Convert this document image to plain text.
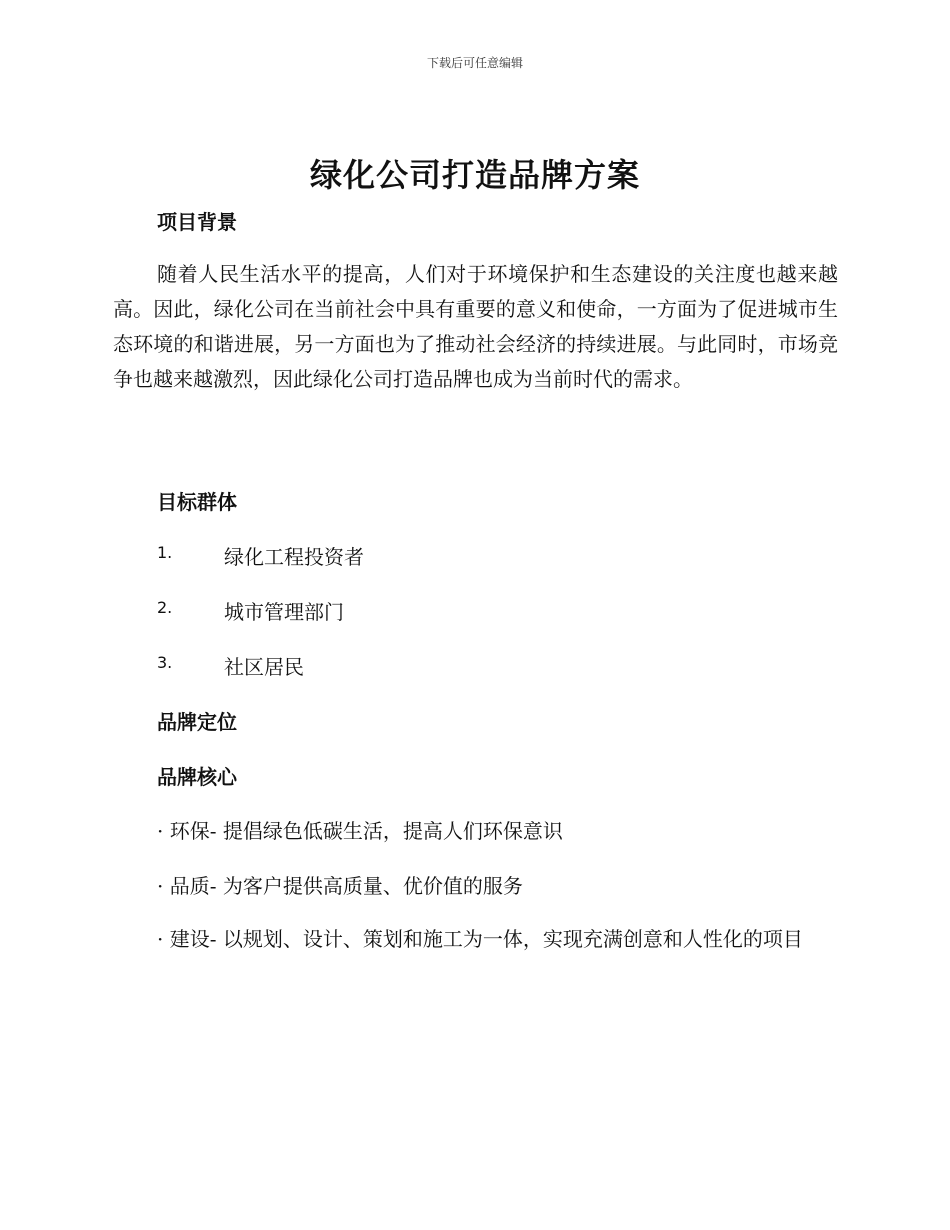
下载后可任意编辑
绿化公司打造品牌方案
项目背景
随着人民生活水平的提高，人们对于环境保护和生态建设的关注度也越来越高。因此，绿化公司在当前社会中具有重要的意义和使命，一方面为了促进城市生态环境的和谐进展，另一方面也为了推动社会经济的持续进展。与此同时，市场竞争也越来越激烈，因此绿化公司打造品牌也成为当前时代的需求。
目标群体
1.	绿化工程投资者
2.	城市管理部门
3.	社区居民
品牌定位
品牌核心
· 环保- 提倡绿色低碳生活，提高人们环保意识
· 品质- 为客户提供高质量、优价值的服务
· 建设- 以规划、设计、策划和施工为一体，实现充满创意和人性化的项目
